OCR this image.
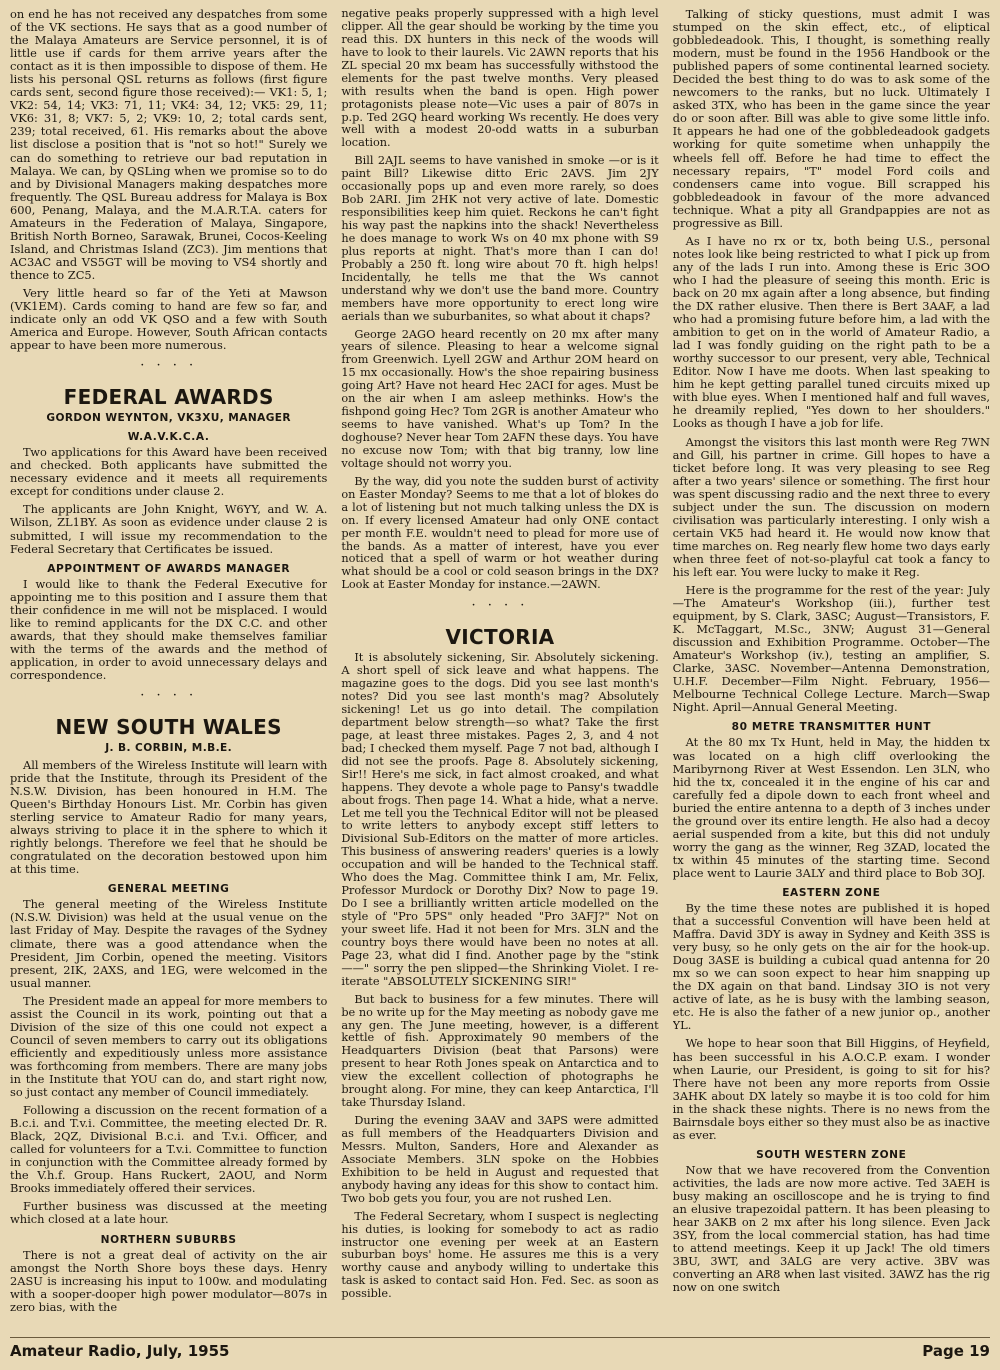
on end he has not received any despatches from some of the VK sections. He says that as a good number of the Malaya Amateurs are Service personnel, it is of little use if cards for them arrive years after the contact as it is then impossible to dispose of them. He lists his personal QSL returns as follows (first figure cards sent, second figure those received):— VK1: 5, 1; VK2: 54, 14; VK3: 71, 11; VK4: 34, 12; VK5: 29, 11; VK6: 31, 8; VK7: 5, 2; VK9: 10, 2; total cards sent, 239; total received, 61. His remarks about the above list disclose a position that is "not so hot!" Surely we can do something to retrieve our bad reputation in Malaya. We can, by QSLing when we promise so to do and by Divisional Managers making despatches more frequently. The QSL Bureau address for Malaya is Box 600, Penang, Malaya, and the M.A.R.T.A. caters for Amateurs in the Federation of Malaya, Singapore, British North Borneo, Sarawak, Brunei, Cocos-Keeling Island, and Christmas Island (ZC3). Jim mentions that AC3AC and VS5GT will be moving to VS4 shortly and thence to ZC5.

Very little heard so far of the Yeti at Mawson (VK1EM). Cards coming to hand are few so far, and indicate only an odd VK QSO and a few with South America and Europe. However, South African contacts appear to have been more numerous.

· · · ·
FEDERAL AWARDS
GORDON WEYNTON, VK3XU, MANAGER
W.A.V.K.C.A.

Two applications for this Award have been received and checked. Both applicants have submitted the necessary evidence and it meets all requirements except for conditions under clause 2.

The applicants are John Knight, W6YY, and W. A. Wilson, ZL1BY. As soon as evidence under clause 2 is submitted, I will issue my recommendation to the Federal Secretary that Certificates be issued.

APPOINTMENT OF AWARDS MANAGER

I would like to thank the Federal Executive for appointing me to this position and I assure them that their confidence in me will not be misplaced. I would like to remind applicants for the DX C.C. and other awards, that they should make themselves familiar with the terms of the awards and the method of application, in order to avoid unnecessary delays and correspondence.

· · · ·
NEW SOUTH WALES
J. B. CORBIN, M.B.E.

All members of the Wireless Institute will learn with pride that the Institute, through its President of the N.S.W. Division, has been honoured in H.M. The Queen's Birthday Honours List. Mr. Corbin has given sterling service to Amateur Radio for many years, always striving to place it in the sphere to which it rightly belongs. Therefore we feel that he should be congratulated on the decoration bestowed upon him at this time.

GENERAL MEETING

The general meeting of the Wireless Institute (N.S.W. Division) was held at the usual venue on the last Friday of May. Despite the ravages of the Sydney climate, there was a good attendance when the President, Jim Corbin, opened the meeting. Visitors present, 2IK, 2AXS, and 1EG, were welcomed in the usual manner.

The President made an appeal for more members to assist the Council in its work, pointing out that a Division of the size of this one could not expect a Council of seven members to carry out its obligations efficiently and expeditiously unless more assistance was forthcoming from members. There are many jobs in the Institute that YOU can do, and start right now, so just contact any member of Council immediately.

Following a discussion on the recent formation of a B.c.i. and T.v.i. Committee, the meeting elected Dr. R. Black, 2QZ, Divisional B.c.i. and T.v.i. Officer, and called for volunteers for a T.v.i. Committee to function in conjunction with the Committee already formed by the V.h.f. Group. Hans Ruckert, 2AOU, and Norm Brooks immediately offered their services.

Further business was discussed at the meeting which closed at a late hour.

NORTHERN SUBURBS

There is not a great deal of activity on the air amongst the North Shore boys these days. Henry 2ASU is increasing his input to 100w. and modulating with a sooper-dooper high power modulator—807s in zero bias, with the

negative peaks properly suppressed with a high level clipper. All the gear should be working by the time you read this. DX hunters in this neck of the woods will have to look to their laurels. Vic 2AWN reports that his ZL special 20 mx beam has successfully withstood the elements for the past twelve months. Very pleased with results when the band is open. High power protagonists please note—Vic uses a pair of 807s in p.p. Ted 2GQ heard working Ws recently. He does very well with a modest 20-odd watts in a suburban location.

Bill 2AJL seems to have vanished in smoke —or is it paint Bill? Likewise ditto Eric 2AVS. Jim 2JY occasionally pops up and even more rarely, so does Bob 2ARI. Jim 2HK not very active of late. Domestic responsibilities keep him quiet. Reckons he can't fight his way past the napkins into the shack! Nevertheless he does manage to work Ws on 40 mx phone with S9 plus reports at night. That's more than I can do! Probably a 250 ft. long wire about 70 ft. high helps! Incidentally, he tells me that the Ws cannot understand why we don't use the band more. Country members have more opportunity to erect long wire aerials than we suburbanites, so what about it chaps?

George 2AGO heard recently on 20 mx after many years of silence. Pleasing to hear a welcome signal from Greenwich. Lyell 2GW and Arthur 2OM heard on 15 mx occasionally. How's the shoe repairing business going Art? Have not heard Hec 2ACI for ages. Must be on the air when I am asleep methinks. How's the fishpond going Hec? Tom 2GR is another Amateur who seems to have vanished. What's up Tom? In the doghouse? Never hear Tom 2AFN these days. You have no excuse now Tom; with that big tranny, low line voltage should not worry you.

By the way, did you note the sudden burst of activity on Easter Monday? Seems to me that a lot of blokes do a lot of listening but not much talking unless the DX is on. If every licensed Amateur had only ONE contact per month F.E. wouldn't need to plead for more use of the bands. As a matter of interest, have you ever noticed that a spell of warm or hot weather during what should be a cool or cold season brings in the DX? Look at Easter Monday for instance.—2AWN.

· · · ·
VICTORIA

It is absolutely sickening, Sir. Absolutely sickening. A short spell of sick leave and what happens. The magazine goes to the dogs. Did you see last month's notes? Did you see last month's mag? Absolutely sickening! Let us go into detail. The compilation department below strength—so what? Take the first page, at least three mistakes. Pages 2, 3, and 4 not bad; I checked them myself. Page 7 not bad, although I did not see the proofs. Page 8. Absolutely sickening, Sir!! Here's me sick, in fact almost croaked, and what happens. They devote a whole page to Pansy's twaddle about frogs. Then page 14. What a hide, what a nerve. Let me tell you the Technical Editor will not be pleased to write letters to anybody except stiff letters to Divisional Sub-Editors on the matter of more articles. This business of answering readers' queries is a lowly occupation and will be handed to the Technical staff. Who does the Mag. Committee think I am, Mr. Felix, Professor Murdock or Dorothy Dix? Now to page 19. Do I see a brilliantly written article modelled on the style of "Pro 5PS" only headed "Pro 3AFJ?" Not on your sweet life. Had it not been for Mrs. 3LN and the country boys there would have been no notes at all. Page 23, what did I find. Another page by the "stink——" sorry the pen slipped—the Shrinking Violet. I re-iterate "ABSOLUTELY SICKENING SIR!"

But back to business for a few minutes. There will be no write up for the May meeting as nobody gave me any gen. The June meeting, however, is a different kettle of fish. Approximately 90 members of the Headquarters Division (beat that Parsons) were present to hear Roth Jones speak on Antarctica and to view the excellent collection of photographs he brought along. For mine, they can keep Antarctica, I'll take Thursday Island.

During the evening 3AAV and 3APS were admitted as full members of the Headquarters Division and Messrs. Multon, Sanders, Hore and Alexander as Associate Members. 3LN spoke on the Hobbies Exhibition to be held in August and requested that anybody having any ideas for this show to contact him. Two bob gets you four, you are not rushed Len.

The Federal Secretary, whom I suspect is neglecting his duties, is looking for somebody to act as radio instructor one evening per week at an Eastern suburban boys' home. He assures me this is a very worthy cause and anybody willing to undertake this task is asked to contact said Hon. Fed. Sec. as soon as possible.

Talking of sticky questions, must admit I was stumped on the skin effect, etc., of eliptical gobbledeadook. This, I thought, is something really modern, must be found in the 1956 Handbook or the published papers of some continental learned society. Decided the best thing to do was to ask some of the newcomers to the ranks, but no luck. Ultimately I asked 3TX, who has been in the game since the year do or soon after. Bill was able to give some little info. It appears he had one of the gobbledeadook gadgets working for quite sometime when unhappily the wheels fell off. Before he had time to effect the necessary repairs, "T" model Ford coils and condensers came into vogue. Bill scrapped his gobbledeadook in favour of the more advanced technique. What a pity all Grandpappies are not as progressive as Bill.

As I have no rx or tx, both being U.S., personal notes look like being restricted to what I pick up from any of the lads I run into. Among these is Eric 3OO who I had the pleasure of seeing this month. Eric is back on 20 mx again after a long absence, but finding the DX rather elusive. Then there is Bert 3AAF, a lad who had a promising future before him, a lad with the ambition to get on in the world of Amateur Radio, a lad I was fondly guiding on the right path to be a worthy successor to our present, very able, Technical Editor. Now I have me doots. When last speaking to him he kept getting parallel tuned circuits mixed up with blue eyes. When I mentioned half and full waves, he dreamily replied, "Yes down to her shoulders." Looks as though I have a job for life.

Amongst the visitors this last month were Reg 7WN and Gill, his partner in crime. Gill hopes to have a ticket before long. It was very pleasing to see Reg after a two years' silence or something. The first hour was spent discussing radio and the next three to every subject under the sun. The discussion on modern civilisation was particularly interesting. I only wish a certain VK5 had heard it. He would now know that time marches on. Reg nearly flew home two days early when three feet of not-so-playful cat took a fancy to his left ear. You were lucky to make it Reg.

Here is the programme for the rest of the year: July—The Amateur's Workshop (iii.), further test equipment, by S. Clark, 3ASC; August—Transistors, F. K. McTaggart, M.Sc., 3NW; August 31—General discussion and Exhibition Programme. October—The Amateur's Workshop (iv.), testing an amplifier, S. Clarke, 3ASC. November—Antenna Demonstration, U.H.F. December—Film Night. February, 1956—Melbourne Technical College Lecture. March—Swap Night. April—Annual General Meeting.

80 METRE TRANSMITTER HUNT

At the 80 mx Tx Hunt, held in May, the hidden tx was located on a high cliff overlooking the Maribyrnong River at West Essendon. Len 3LN, who hid the tx, concealed it in the engine of his car and carefully fed a dipole down to each front wheel and buried the entire antenna to a depth of 3 inches under the ground over its entire length. He also had a decoy aerial suspended from a kite, but this did not unduly worry the gang as the winner, Reg 3ZAD, located the tx within 45 minutes of the starting time. Second place went to Laurie 3ALY and third place to Bob 3OJ.

EASTERN ZONE

By the time these notes are published it is hoped that a successful Convention will have been held at Maffra. David 3DY is away in Sydney and Keith 3SS is very busy, so he only gets on the air for the hook-up. Doug 3ASE is building a cubical quad antenna for 20 mx so we can soon expect to hear him snapping up the DX again on that band. Lindsay 3IO is not very active of late, as he is busy with the lambing season, etc. He is also the father of a new junior op., another YL.

We hope to hear soon that Bill Higgins, of Heyfield, has been successful in his A.O.C.P. exam. I wonder when Laurie, our President, is going to sit for his? There have not been any more reports from Ossie 3AHK about DX lately so maybe it is too cold for him in the shack these nights. There is no news from the Bairnsdale boys either so they must also be as inactive as ever.

SOUTH WESTERN ZONE

Now that we have recovered from the Convention activities, the lads are now more active. Ted 3AEH is busy making an oscilloscope and he is trying to find an elusive trapezoidal pattern. It has been pleasing to hear 3AKB on 2 mx after his long silence. Even Jack 3SY, from the local commercial station, has had time to attend meetings. Keep it up Jack! The old timers 3BU, 3WT, and 3ALG are very active. 3BV was converting an AR8 when last visited. 3AWZ has the rig now on one switch

Amateur Radio, July, 1955	Page 19
